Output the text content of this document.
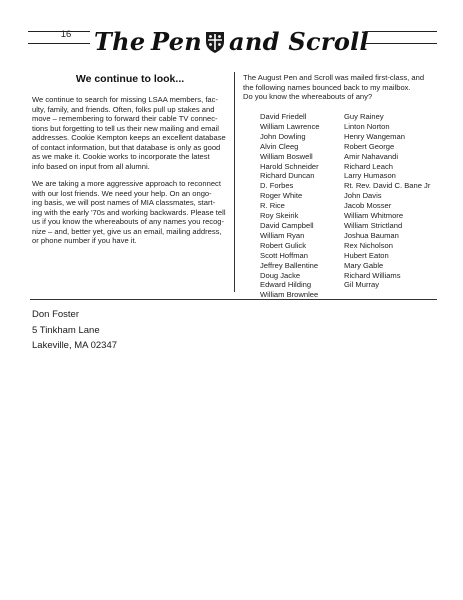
16 The Pen and Scroll
We continue to look...
We continue to search for missing LSAA members, fac-
ulty, family, and friends. Often, folks pull up stakes and
move – remembering to forward their cable TV connec-
tions but forgetting to tell us their new mailing and email
addresses. Cookie Kempton keeps an excellent database
of contact information, but that database is only as good
as we make it. Cookie works to incorporate the latest
info based on input from all alumni.
We are taking a more aggressive approach to reconnect
with our lost friends. We need your help. On an ongo-
ing basis, we will post names of MIA classmates, start-
ing with the early '70s and working backwards. Please tell
us if you know the whereabouts of any names you recog-
nize – and, better yet, give us an email, mailing address,
or phone number if you have it.
The August Pen and Scroll was mailed first-class, and
the following names bounced back to my mailbox.
Do you know the whereabouts of any?
David Friedell
William Lawrence
John Dowling
Alvin Cleeg
William Boswell
Harold Schneider
Richard Duncan
D. Forbes
Roger White
R. Rice
Roy Skeirik
David Campbell
William Ryan
Robert Gulick
Scott Hoffman
Jeffrey Ballentine
Doug Jacke
Edward Hilding
William Brownlee
Guy Rainey
Linton Norton
Henry Wangeman
Robert George
Amir Nahavandi
Richard Leach
Larry Humason
Rt. Rev. David C. Bane Jr
John Davis
Jacob Mosser
William Whitmore
William Strictland
Joshua Bauman
Rex Nicholson
Hubert Eaton
Mary Gable
Richard Williams
Gil Murray
Don Foster
5 Tinkham Lane
Lakeville, MA 02347
